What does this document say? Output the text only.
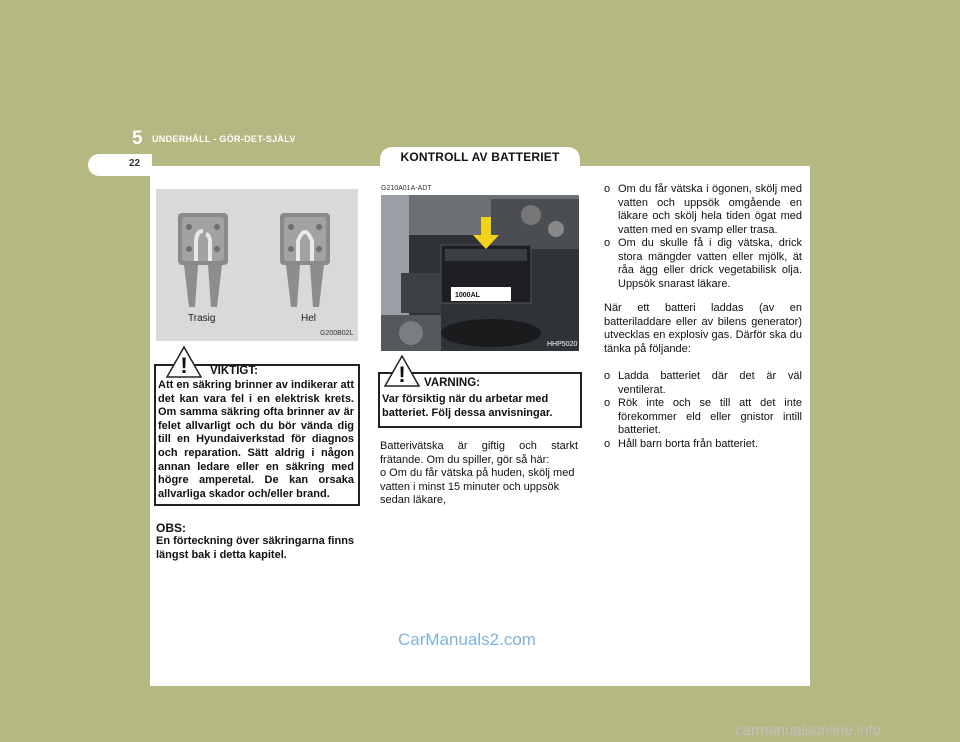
5 UNDERHÅLL - GÖR-DET-SJÄLV
22	KONTROLL AV BATTERIET
Trasig	Hel
G200B02L
! VIKTIGT:
Att en säkring brinner av indikerar att det kan vara fel i en elektrisk krets. Om samma säkring ofta brinner av är felet allvarligt och du bör vända dig till en Hyundaiverkstad för diagnos och reparation. Sätt aldrig i någon annan ledare eller en säkring med högre amperetal. De kan orsaka allvarliga skador och/eller brand.
OBS:
En förteckning över säkringarna finns längst bak i detta kapitel.
G210A01A-ADT
1000AL
HHP5020
! VARNING:
Var försiktig när du arbetar med batteriet. Följ dessa anvisningar.
Batterivätska är giftig och starkt frätande. Om du spiller, gör så här:
o Om du får vätska på huden, skölj med vatten i minst 15 minuter och uppsök sedan läkare,
o Om du får vätska i ögonen, skölj med vatten och uppsök omgående en läkare och skölj hela tiden ögat med vatten med en svamp eller trasa.
o Om du skulle få i dig vätska, drick stora mängder vatten eller mjölk, ät råa ägg eller drick vegetabilisk olja. Uppsök snarast läkare.
När ett batteri laddas (av en batteriladdare eller av bilens generator) utvecklas en explosiv gas. Därför ska du tänka på följande:
o Ladda batteriet där det är väl ventilerat.
o Rök inte och se till att det inte förekommer eld eller gnistor intill batteriet.
o Håll barn borta från batteriet.
CarManuals2.com
carmanualsonline.info
